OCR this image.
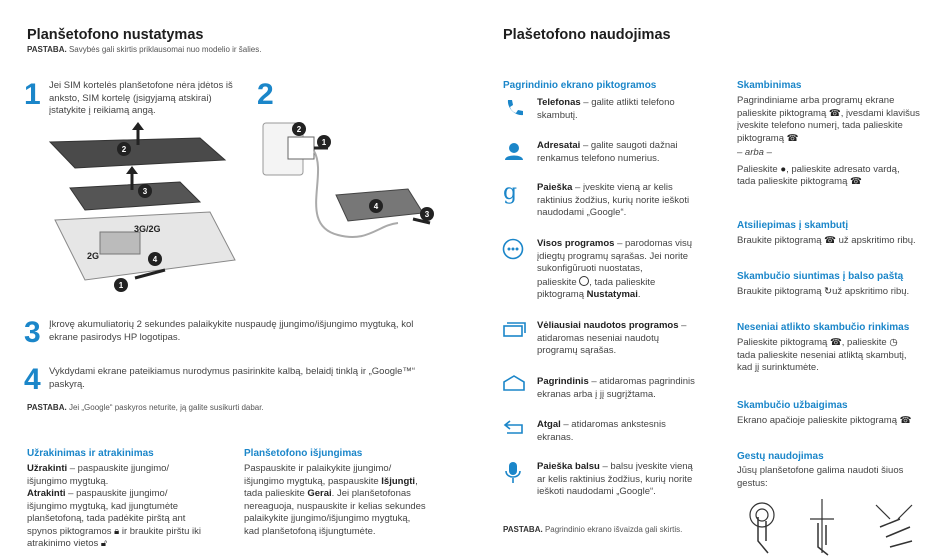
Planšetofono nustatymas
PASTABA. Savybės gali skirtis priklausomai nuo modelio ir šalies.
1 Jei SIM kortelės planšetofone nėra įdėtos iš anksto, SIM kortelę (įsigyjamą atskirai) įstatykite į reikiamą angą.	2
2
3
3G/2G
2G	4
1
2
1
4
3
3 Įkrovę akumuliatorių 2 sekundes palaikykite nuspaudę įjungimo/išjungimo mygtuką, kol ekrane pasirodys HP logotipas.
4 Vykdydami ekrane pateikiamus nurodymus pasirinkite kalbą, belaidį tinklą ir „Google™“ paskyrą.
PASTABA. Jei „Google“ paskyros neturite, ją galite susikurti dabar.
Užrakinimas ir atrakinimas
Užrakinti – paspauskite įjungimo/
išjungimo mygtuką.
Atrakinti – paspauskite įjungimo/
išjungimo mygtuką, kad įjungtumėte
planšetofoną, tada padėkite pirštą ant
spynos piktogramos 🔒︎ ir braukite pirštu iki
atrakinimo vietos 🔓︎
Planšetofono išjungimas
Paspauskite ir palaikykite įjungimo/
išjungimo mygtuką, paspauskite Išjungti,
tada palieskite Gerai. Jei planšetofonas
nereaguoja, nuspauskite ir kelias sekundes
palaikykite įjungimo/išjungimo mygtuką,
kad planšetofoną išjungtumėte.
Plašetofono naudojimas
Pagrindinio ekrano piktogramos
g
Telefonas – galite atlikti telefono
skambutį.
Adresatai – galite saugoti dažnai
renkamus telefono numerius.
Paieška – įveskite vieną ar kelis
raktinius žodžius, kurių norite ieškoti
naudodami „Google“.
Visos programos – parodomas visų
įdiegtų programų sąrašas. Jei norite
sukonfigūruoti nuostatas,
palieskite , tada palieskite
piktogramą Nustatymai.
Vėliausiai naudotos programos –
atidaromas neseniai naudotų
programų sąrašas.
Pagrindinis – atidaromas pagrindinis
ekranas arba į jį sugrįžtama.
Atgal – atidaromas ankstesnis
ekranas.
Paieška balsu – balsu įveskite vieną
ar kelis raktinius žodžius, kurių norite
ieškoti naudodami „Google“.
PASTABA. Pagrindinio ekrano išvaizda gali skirtis.
Skambinimas
Pagrindiniame arba programų ekrane
palieskite piktogramą ☎︎, įvesdami klavišus
įveskite telefono numerį, tada palieskite
piktogramą ☎︎
– arba –
Palieskite ●, palieskite adresato vardą,
tada palieskite piktogramą ☎︎
Atsiliepimas į skambutį
Braukite piktogramą ☎︎ už apskritimo ribų.
Skambučio siuntimas į balso paštą
Braukite piktogramą ↻už apskritimo ribų.
Neseniai atlikto skambučio rinkimas
Palieskite piktogramą ☎︎, palieskite ◷
tada palieskite neseniai atliktą skambutį,
kad jį surinktumėte.
Skambučio užbaigimas
Ekrano apačioje palieskite piktogramą ☎︎
Gestų naudojimas
Jūsų planšetofone galima naudoti šiuos
gestus:
